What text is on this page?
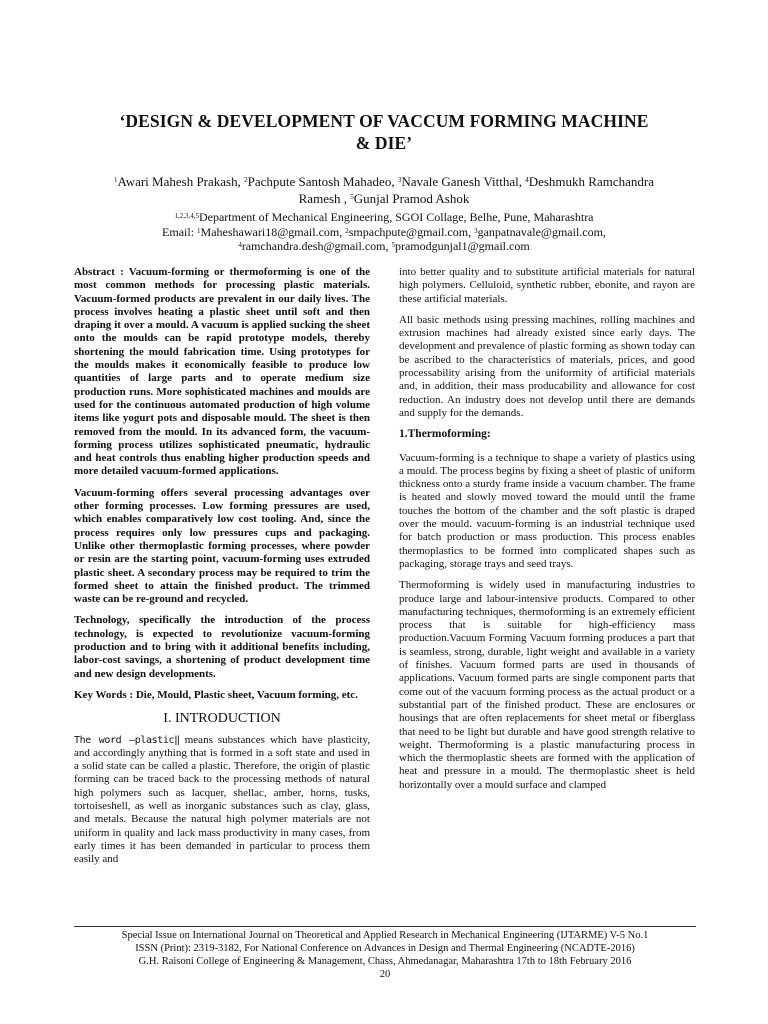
‘DESIGN & DEVELOPMENT OF VACCUM FORMING MACHINE
& DIE’
$^1$Awari Mahesh Prakash, $^2$Pachpute Santosh Mahadeo, $^3$Navale Ganesh Vitthal, $^4$Deshmukh Ramchandra
Ramesh , $^5$Gunjal Pramod Ashok
$^{1,2,3,4,5}$Department of Mechanical Engineering, SGOI Collage, Belhe, Pune, Maharashtra
Email: $^1$Maheshawari18@gmail.com, $^2$smpachpute@gmail.com, $^3$ganpatnavale@gmail.com,
$^4$ramchandra.desh@gmail.com, $^5$pramodgunjal1@gmail.com

Abstract : Vacuum-forming or thermoforming is one of the most common methods for processing plastic materials. Vacuum-formed products are prevalent in our daily lives. The process involves heating a plastic sheet until soft and then draping it over a mould. A vacuum is applied sucking the sheet onto the moulds can be rapid prototype models, thereby shortening the mould fabrication time. Using prototypes for the moulds makes it economically feasible to produce low quantities of large parts and to operate medium size production runs. More sophisticated machines and moulds are used for the continuous automated production of high volume items like yogurt pots and disposable mould. The sheet is then removed from the mould. In its advanced form, the vacuum-forming process utilizes sophisticated pneumatic, hydraulic and heat controls thus enabling higher production speeds and more detailed vacuum-formed applications.

Vacuum-forming offers several processing advantages over other forming processes. Low forming pressures are used, which enables comparatively low cost tooling. And, since the process requires only low pressures cups and packaging. Unlike other thermoplastic forming processes, where powder or resin are the starting point, vacuum-forming uses extruded plastic sheet. A secondary process may be required to trim the formed sheet to attain the finished product. The trimmed waste can be re-ground and recycled.

Technology, specifically the introduction of the process technology, is expected to revolutionize vacuum-forming production and to bring with it additional benefits including, labor-cost savings, a shortening of product development time and new design developments.

Key Words : Die, Mould, Plastic sheet, Vacuum forming, etc.

I. INTRODUCTION

The word ―plastic‖ means substances which have plasticity, and accordingly anything that is formed in a soft state and used in a solid state can be called a plastic. Therefore, the origin of plastic forming can be traced back to the processing methods of natural high polymers such as lacquer, shellac, amber, horns, tusks, tortoiseshell, as well as inorganic substances such as clay, glass, and metals. Because the natural high polymer materials are not uniform in quality and lack mass productivity in many cases, from early times it has been demanded in particular to process them easily and

into better quality and to substitute artificial materials for natural high polymers. Celluloid, synthetic rubber, ebonite, and rayon are these artificial materials.

All basic methods using pressing machines, rolling machines and extrusion machines had already existed since early days. The development and prevalence of plastic forming as shown today can be ascribed to the characteristics of materials, prices, and good processability arising from the uniformity of artificial materials and, in addition, their mass producability and allowance for cost reduction. An industry does not develop until there are demands and supply for the demands.

1.Thermoforming:

Vacuum-forming is a technique to shape a variety of plastics using a mould. The process begins by fixing a sheet of plastic of uniform thickness onto a sturdy frame inside a vacuum chamber. The frame is heated and slowly moved toward the mould until the frame touches the bottom of the chamber and the soft plastic is draped over the mould. vacuum-forming is an industrial technique used for batch production or mass production. This process enables thermoplastics to be formed into complicated shapes such as packaging, storage trays and seed trays.

Thermoforming is widely used in manufacturing industries to produce large and labour-intensive products. Compared to other manufacturing techniques, thermoforming is an extremely efficient process that is suitable for high-efficiency mass production.Vacuum Forming Vacuum forming produces a part that is seamless, strong, durable, light weight and available in a variety of finishes. Vacuum formed parts are used in thousands of applications. Vacuum formed parts are single component parts that come out of the vacuum forming process as the actual product or a substantial part of the finished product. These are enclosures or housings that are often replacements for sheet metal or fiberglass that need to be light but durable and have good strength relative to weight. Thermoforming is a plastic manufacturing process in which the thermoplastic sheets are formed with the application of heat and pressure in a mould. The thermoplastic sheet is held horizontally over a mould surface and clamped

Special Issue on International Journal on Theoretical and Applied Research in Mechanical Engineering (IJTARME) V-5 No.1
ISSN (Print): 2319-3182, For National Conference on Advances in Design and Thermal Engineering (NCADTE-2016)
G.H. Raisoni College of Engineering & Management, Chass, Ahmedanagar, Maharashtra 17th to 18th February 2016
20
